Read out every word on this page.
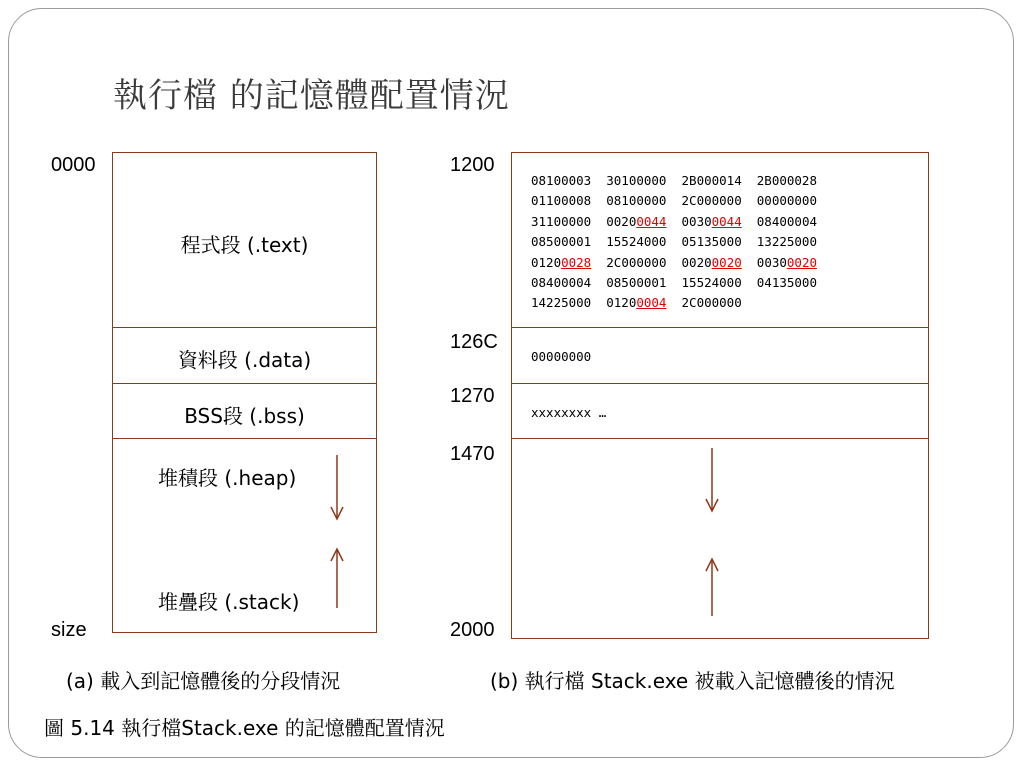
執行檔 的記憶體配置情況
0000
size
程式段 (.text)
資料段 (.data)
BSS段 (.bss)
堆積段 (.heap)
堆疊段 (.stack)
(a) 載入到記憶體後的分段情況
1200
126C
1270
1470
2000
08100003  30100000  2B000014  2B000028
01100008  08100000  2C000000  00000000
31100000  00200044  00300044  08400004
08500001  15524000  05135000  13225000
01200028  2C000000  00200020  00300020
08400004  08500001  15524000  04135000
14225000  01200004  2C000000
00000000
xxxxxxxx …
(b) 執行檔 Stack.exe 被載入記憶體後的情況
圖 5.14 執行檔Stack.exe 的記憶體配置情況
